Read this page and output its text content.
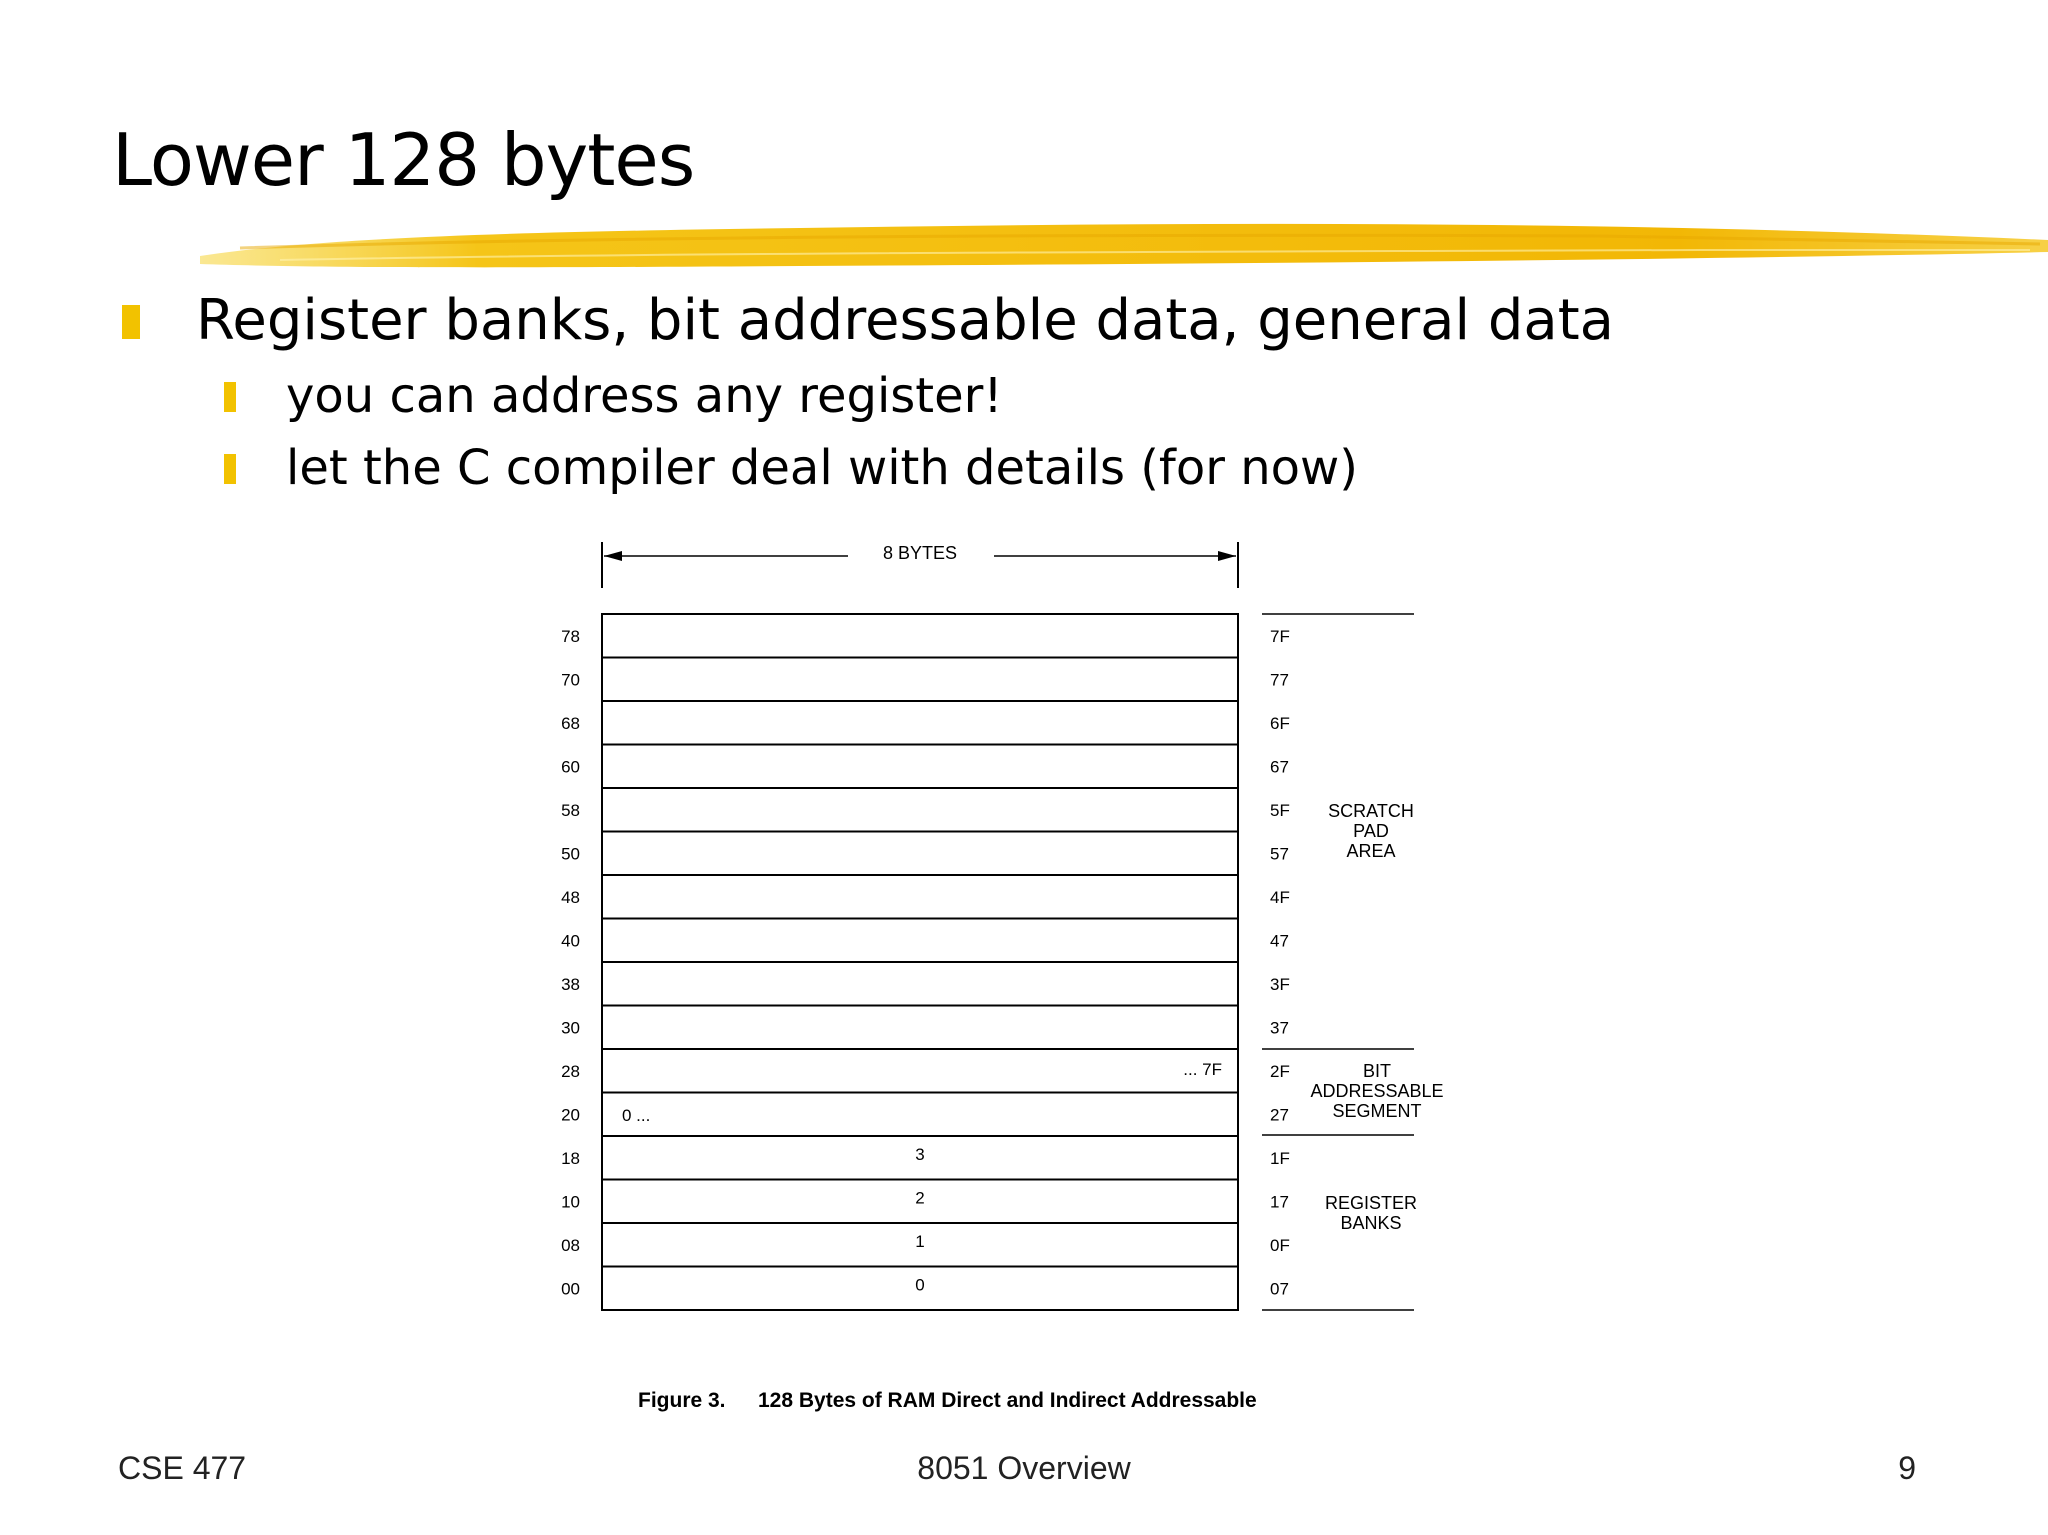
Lower 128 bytes
Register banks, bit addressable data, general data
you can address any register!
let the C compiler deal with details (for now)
8 BYTES
3
2
1
0
78
70
68
60
58
50
48
40
38
30
28
20
18
10
08
00
7F
77
6F
67
5F
57
4F
47
3F
37
2F
27
1F
17
0F
07
... 7F
0 ...
SCRATCH
PAD
AREA
BIT
ADDRESSABLE
SEGMENT
REGISTER
BANKS
Figure 3. 128 Bytes of RAM Direct and Indirect Addressable
CSE 477	8051 Overview	9
